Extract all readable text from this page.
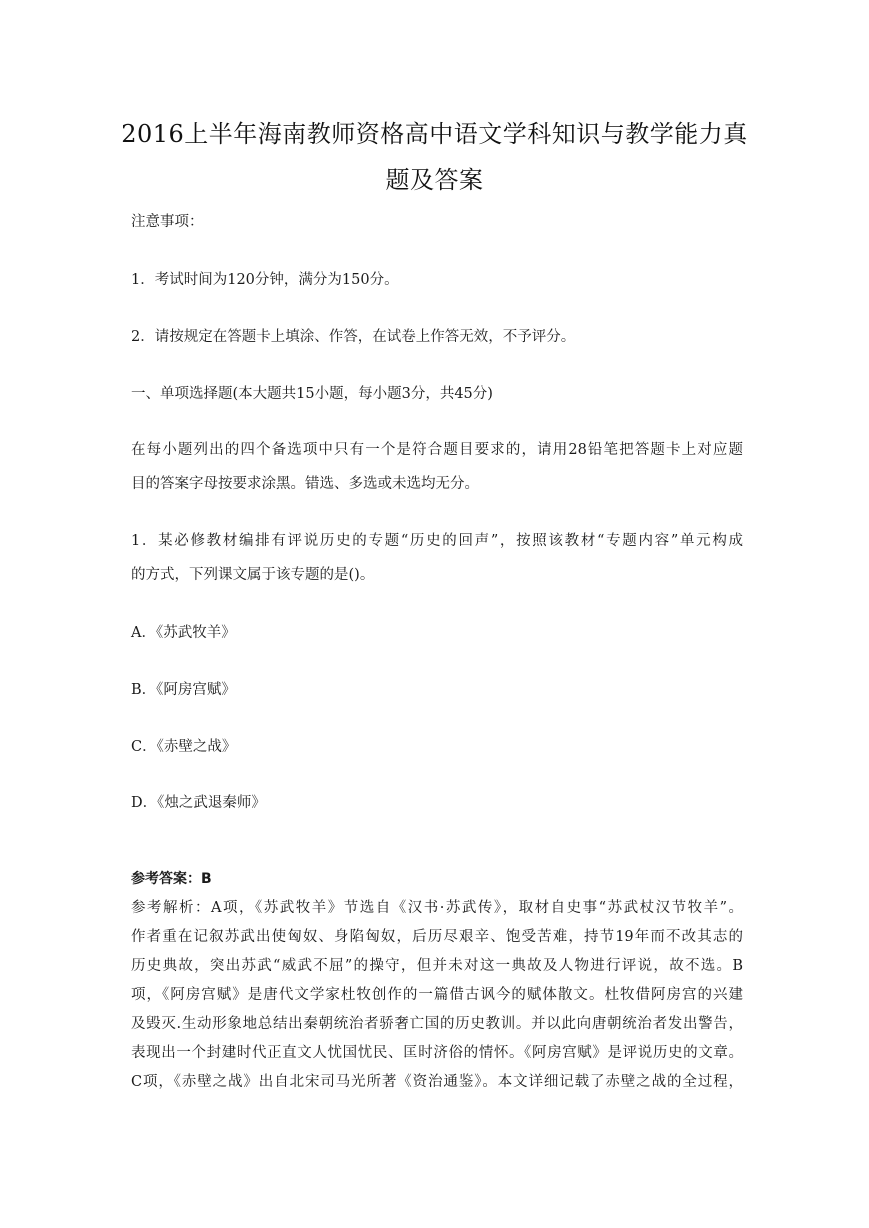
2016上半年海南教师资格高中语文学科知识与教学能力真
题及答案
注意事项：
1．考试时间为120分钟，满分为150分。
2．请按规定在答题卡上填涂、作答，在试卷上作答无效，不予评分。
一、单项选择题(本大题共15小题，每小题3分，共45分)
在每小题列出的四个备选项中只有一个是符合题目要求的，请用28铅笔把答题卡上对应题
目的答案字母按要求涂黑。错选、多选或未选均无分。
1．某必修教材编排有评说历史的专题“历史的回声”，按照该教材“专题内容”单元构成
的方式，下列课文属于该专题的是()。
A．《苏武牧羊》
B．《阿房宫赋》
C．《赤壁之战》
D．《烛之武退秦师》
参考答案：B
参考解析：A项，《苏武牧羊》节选自《汉书·苏武传》，取材自史事“苏武杖汉节牧羊”。
作者重在记叙苏武出使匈奴、身陷匈奴，后历尽艰辛、饱受苦难，持节19年而不改其志的
历史典故，突出苏武“威武不屈”的操守，但并未对这一典故及人物进行评说，故不选。B
项，《阿房宫赋》是唐代文学家杜牧创作的一篇借古讽今的赋体散文。杜牧借阿房宫的兴建
及毁灭.生动形象地总结出秦朝统治者骄奢亡国的历史教训。并以此向唐朝统治者发出警告，
表现出一个封建时代正直文人忧国忧民、匡时济俗的情怀。《阿房宫赋》是评说历史的文章。
C项，《赤壁之战》出自北宋司马光所著《资治通鉴》。本文详细记载了赤壁之战的全过程，
